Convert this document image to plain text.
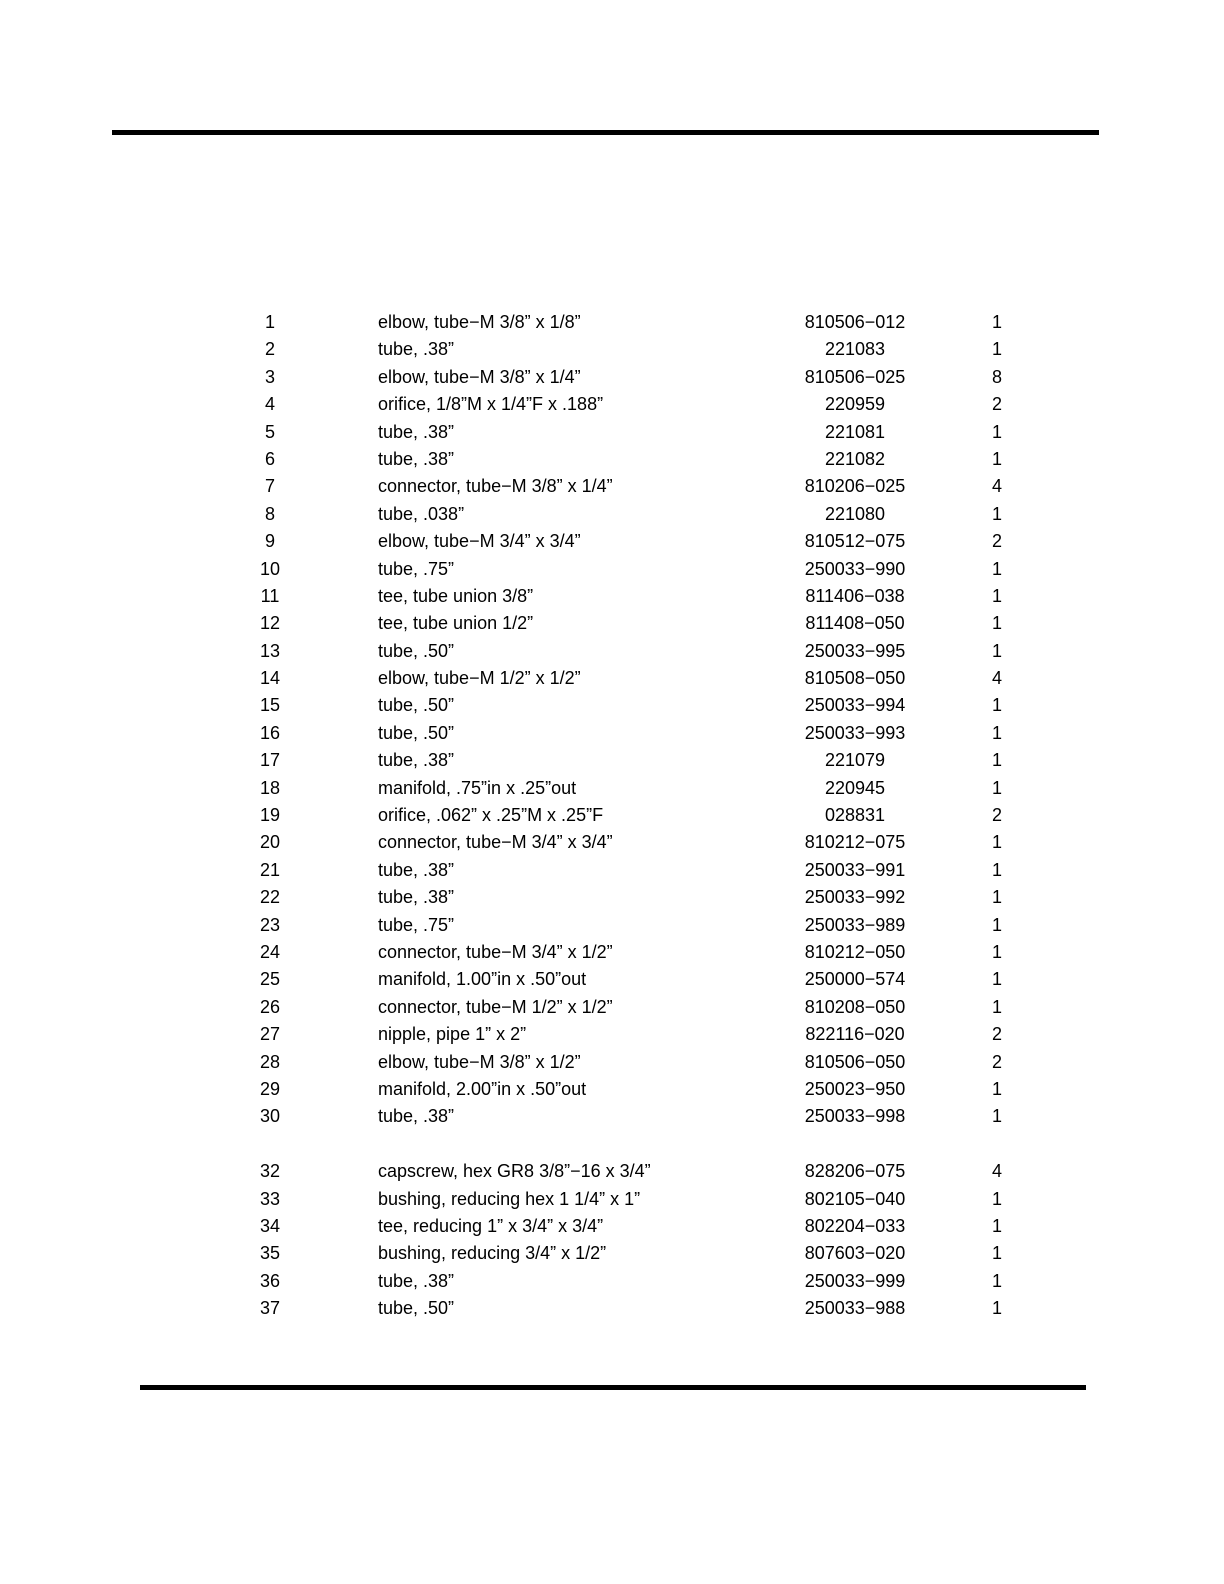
1	elbow, tube−M 3/8” x 1/8”	810506−012	1
2	tube, .38”	221083	1
3	elbow, tube−M 3/8” x 1/4”	810506−025	8
4	orifice, 1/8”M x 1/4”F x .188”	220959	2
5	tube, .38”	221081	1
6	tube, .38”	221082	1
7	connector, tube−M 3/8” x 1/4”	810206−025	4
8	tube, .038”	221080	1
9	elbow, tube−M 3/4” x 3/4”	810512−075	2
10	tube, .75”	250033−990	1
11	tee, tube union 3/8”	811406−038	1
12	tee, tube union 1/2”	811408−050	1
13	tube, .50”	250033−995	1
14	elbow, tube−M 1/2” x 1/2”	810508−050	4
15	tube, .50”	250033−994	1
16	tube, .50”	250033−993	1
17	tube, .38”	221079	1
18	manifold, .75”in x .25”out	220945	1
19	orifice, .062” x .25”M x .25”F	028831	2
20	connector, tube−M 3/4” x 3/4”	810212−075	1
21	tube, .38”	250033−991	1
22	tube, .38”	250033−992	1
23	tube, .75”	250033−989	1
24	connector, tube−M 3/4” x 1/2”	810212−050	1
25	manifold, 1.00”in x .50”out	250000−574	1
26	connector, tube−M 1/2” x 1/2”	810208−050	1
27	nipple, pipe 1” x 2”	822116−020	2
28	elbow, tube−M 3/8” x 1/2”	810506−050	2
29	manifold, 2.00”in x .50”out	250023−950	1
30	tube, .38”	250033−998	1
32	capscrew, hex GR8 3/8”−16 x 3/4”	828206−075	4
33	bushing, reducing hex 1 1/4” x 1”	802105−040	1
34	tee, reducing 1” x 3/4” x 3/4”	802204−033	1
35	bushing, reducing 3/4” x 1/2”	807603−020	1
36	tube, .38”	250033−999	1
37	tube, .50”	250033−988	1
